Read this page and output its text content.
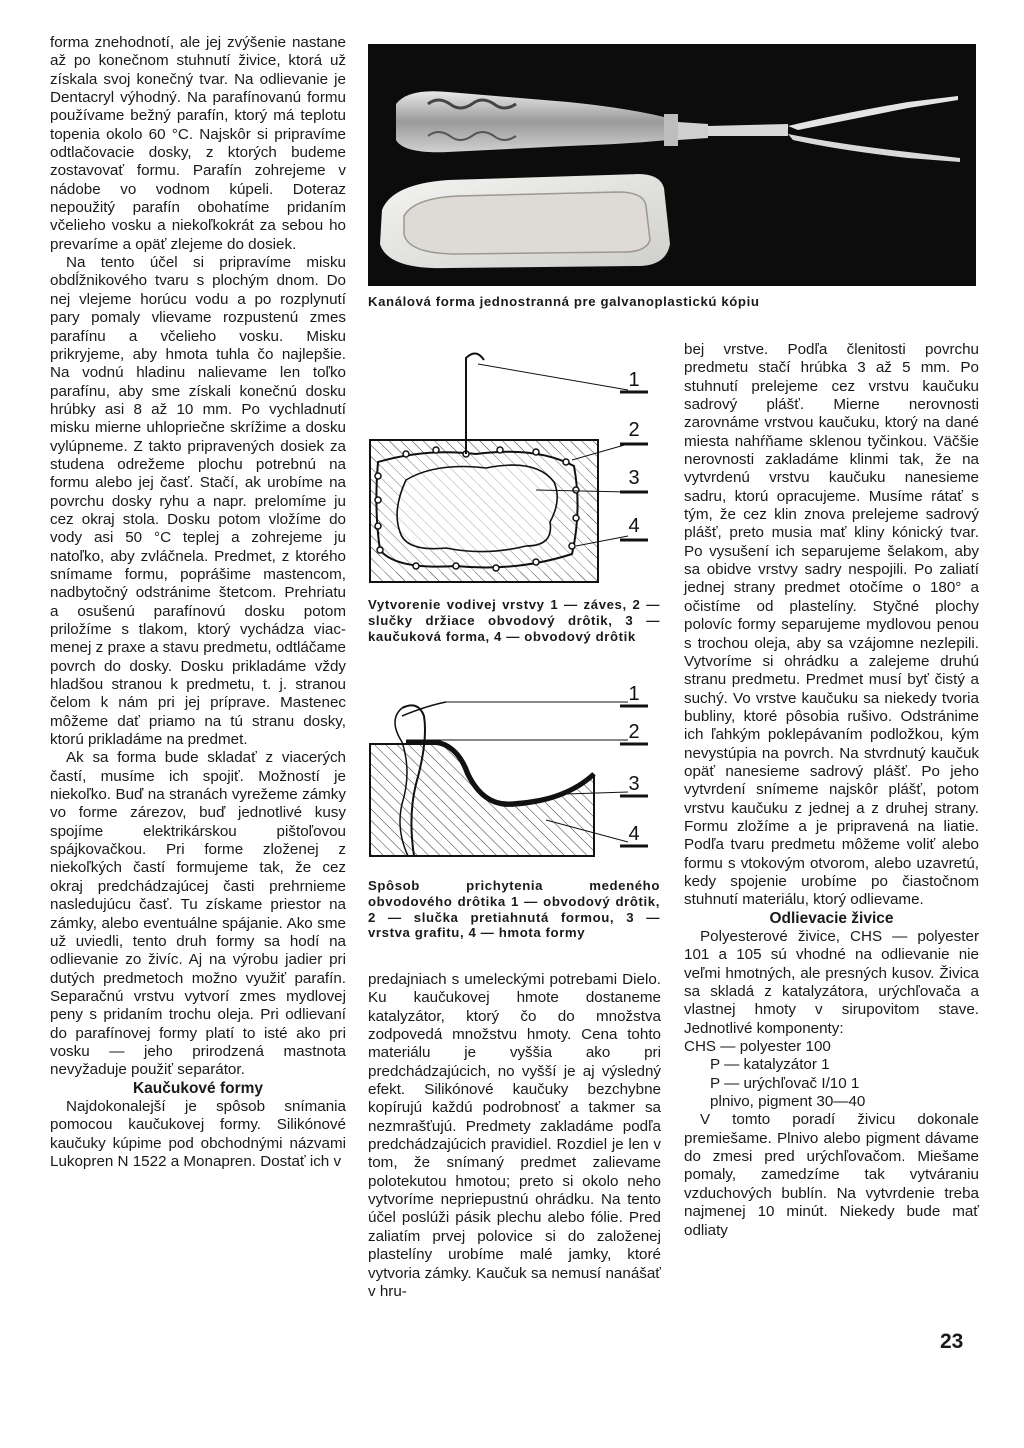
forma znehodnotí, ale jej zvýšenie nastane až po konečnom stuhnutí živice, ktorá už získala svoj konečný tvar. Na odlievanie je Dentacryl výhodný. Na parafínovanú formu používame bežný parafín, ktorý má teplotu topenia okolo 60 °C. Najskôr si pripravíme odtlačovacie dosky, z ktorých budeme zostavovať formu. Parafín zohrejeme v nádobe vo vodnom kúpeli. Doteraz nepoužitý parafín obohatíme pridaním včelieho vosku a niekoľkokrát za sebou ho prevaríme a opäť zlejeme do dosiek.

Na tento účel si pripravíme misku obdĺžnikového tvaru s plochým dnom. Do nej vlejeme horúcu vodu a po rozplynutí pary pomaly vlievame rozpustenú zmes parafínu a včelieho vosku. Misku prikryjeme, aby hmota tuhla čo najlepšie. Na vodnú hladinu nalievame len toľko parafínu, aby sme získali konečnú dosku hrúbky asi 8 až 10 mm. Po vychladnutí misku mierne uhlopriečne skrížime a dosku vylúpneme. Z takto pripravených dosiek za studena odrežeme plochu potrebnú na formu alebo jej časť. Stačí, ak urobíme na povrchu dosky ryhu a napr. prelomíme ju cez okraj stola. Dosku potom vložíme do vody asi 50 °C teplej a zohrejeme ju natoľko, aby zvláčnela. Predmet, z ktorého snímame formu, poprášime mastencom, nadbytočný odstránime štetcom. Prehriatu a osušenú parafínovú dosku potom priložíme s tlakom, ktorý vychádza viac-menej z praxe a stavu predmetu, odtláčame povrch do dosky. Dosku prikladáme vždy hladšou stranou k predmetu, t. j. stranou čelom k nám pri jej príprave. Mastenec môžeme dať priamo na tú stranu dosky, ktorú prikladáme na predmet.

Ak sa forma bude skladať z viacerých častí, musíme ich spojiť. Možností je niekoľko. Buď na stranách vyrežeme zámky vo forme zárezov, buď jednotlivé kusy spojíme elektrikárskou pištoľovou spájkovačkou. Pri forme zloženej z niekoľkých častí formujeme tak, že cez okraj predchádzajúcej časti prehrnieme nasledujúcu časť. Tu získame priestor na zámky, alebo eventuálne spájanie. Ako sme už uviedli, tento druh formy sa hodí na odlievanie zo živíc. Aj na výrobu jadier pri dutých predmetoch možno využiť parafín. Separačnú vrstvu vytvorí zmes mydlovej peny s pridaním trochu oleja. Pri odlievaní do parafínovej formy platí to isté ako pri vosku — jeho prirodzená mastnota nevyžaduje použiť separátor.

Kaučukové formy

Najdokonalejší je spôsob snímania pomocou kaučukovej formy. Silikónové kaučuky kúpime pod obchodnými názvami Lukopren N 1522 a Monapren. Dostať ich v

Kanálová forma jednostranná pre galvanoplastickú kópiu
1
2
3
4
Vytvorenie vodivej vrstvy 1 — záves, 2 — slučky držiace obvodový drôtik, 3 — kaučuková forma, 4 — obvodový drôtik
1
2
3
4
Spôsob prichytenia medeného obvodového drôtika 1 — obvodový drôtik, 2 — slučka pretiahnutá formou, 3 — vrstva grafitu, 4 — hmota formy

predajniach s umeleckými potrebami Dielo. Ku kaučukovej hmote dostaneme katalyzátor, ktorý čo do množstva zodpovedá množstvu hmoty. Cena tohto materiálu je vyššia ako pri predchádzajúcich, no vyšší je aj výsledný efekt. Silikónové kaučuky bezchybne kopírujú každú podrobnosť a takmer sa nezmrašťujú. Predmety zakladáme podľa predchádzajúcich pravidiel. Rozdiel je len v tom, že snímaný predmet zalievame polotekutou hmotou; preto si okolo neho vytvoríme nepriepustnú ohrádku. Na tento účel poslúži pásik plechu alebo fólie. Pred zaliatím prvej polovice si do založenej plastelíny urobíme malé jamky, ktoré vytvoria zámky. Kaučuk sa nemusí nanášať v hru-

bej vrstve. Podľa členitosti povrchu predmetu stačí hrúbka 3 až 5 mm. Po stuhnutí prelejeme cez vrstvu kaučuku sadrový plášť. Mierne nerovnosti zarovnáme vrstvou kaučuku, ktorý na dané miesta nahŕňame sklenou tyčinkou. Väčšie nerovnosti zakladáme klinmi tak, že na vytvrdenú vrstvu kaučuku nanesieme sadru, ktorú opracujeme. Musíme rátať s tým, že cez klin znova prelejeme sadrový plášť, preto musia mať kliny kónický tvar. Po vysušení ich separujeme šelakom, aby sa obidve vrstvy sadry nespojili. Po zaliatí jednej strany predmet otočíme o 180° a očistíme od plastelíny. Styčné plochy polovíc formy separujeme mydlovou penou s trochou oleja, aby sa vzájomne nezlepili. Vytvoríme si ohrádku a zalejeme druhú stranu predmetu. Predmet musí byť čistý a suchý. Vo vrstve kaučuku sa niekedy tvoria bubliny, ktoré pôsobia rušivo. Odstránime ich ľahkým poklepávaním podložkou, kým nevystúpia na povrch. Na stvrdnutý kaučuk opäť nanesieme sadrový plášť. Po jeho vytvrdení snímeme najskôr plášť, potom vrstvu kaučuku z jednej a z druhej strany. Formu zložíme a je pripravená na liatie. Podľa tvaru predmetu môžeme voliť alebo formu s vtokovým otvorom, alebo uzavretú, kedy spojenie urobíme po čiastočnom stuhnutí materiálu, ktorý odlievame.

Odlievacie živice

Polyesterové živice, CHS — polyester 101 a 105 sú vhodné na odlievanie nie veľmi hmotných, ale presných kusov. Živica sa skladá z katalyzátora, urýchľovača a vlastnej hmoty v sirupovitom stave. Jednotlivé komponenty:

CHS — polyester 100
P — katalyzátor 1
P — urýchľovač I/10 1
plnivo, pigment 30—40

V tomto poradí živicu dokonale premiešame. Plnivo alebo pigment dávame do zmesi pred urýchľovačom. Miešame pomaly, zamedzíme tak vytváraniu vzduchových bublín. Na vytvrdenie treba najmenej 10 minút. Niekedy bude mať odliaty

23
